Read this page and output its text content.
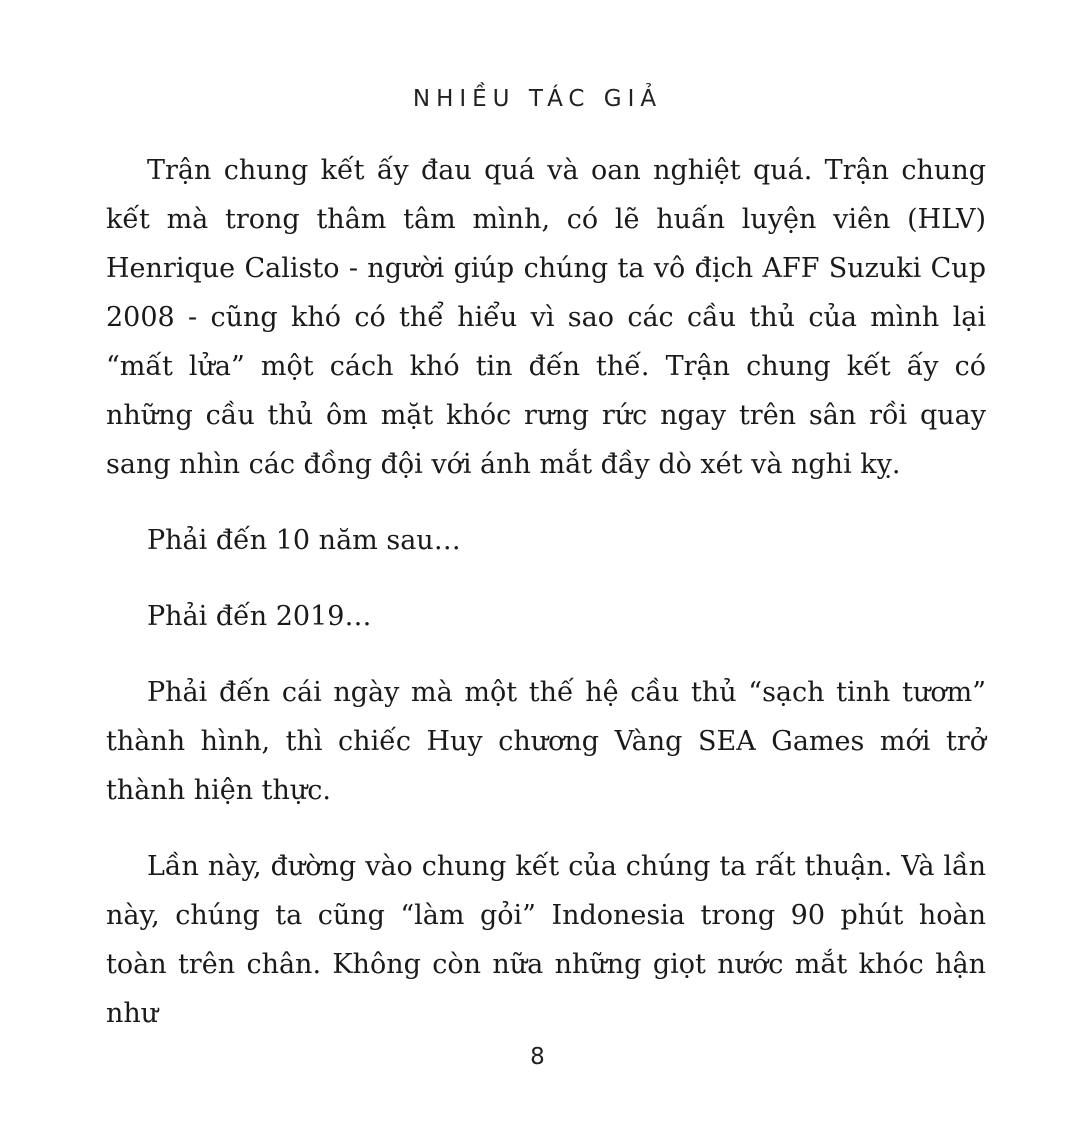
NHIỀU TÁC GIẢ

Trận chung kết ấy đau quá và oan nghiệt quá. Trận chung kết mà trong thâm tâm mình, có lẽ huấn luyện viên (HLV) Henrique Calisto - người giúp chúng ta vô địch AFF Suzuki Cup 2008 - cũng khó có thể hiểu vì sao các cầu thủ của mình lại “mất lửa” một cách khó tin đến thế. Trận chung kết ấy có những cầu thủ ôm mặt khóc rưng rức ngay trên sân rồi quay sang nhìn các đồng đội với ánh mắt đầy dò xét và nghi kỵ.

Phải đến 10 năm sau…

Phải đến 2019…

Phải đến cái ngày mà một thế hệ cầu thủ “sạch tinh tươm” thành hình, thì chiếc Huy chương Vàng SEA Games mới trở thành hiện thực.

Lần này, đường vào chung kết của chúng ta rất thuận. Và lần này, chúng ta cũng “làm gỏi” Indonesia trong 90 phút hoàn toàn trên chân. Không còn nữa những giọt nước mắt khóc hận như

8
